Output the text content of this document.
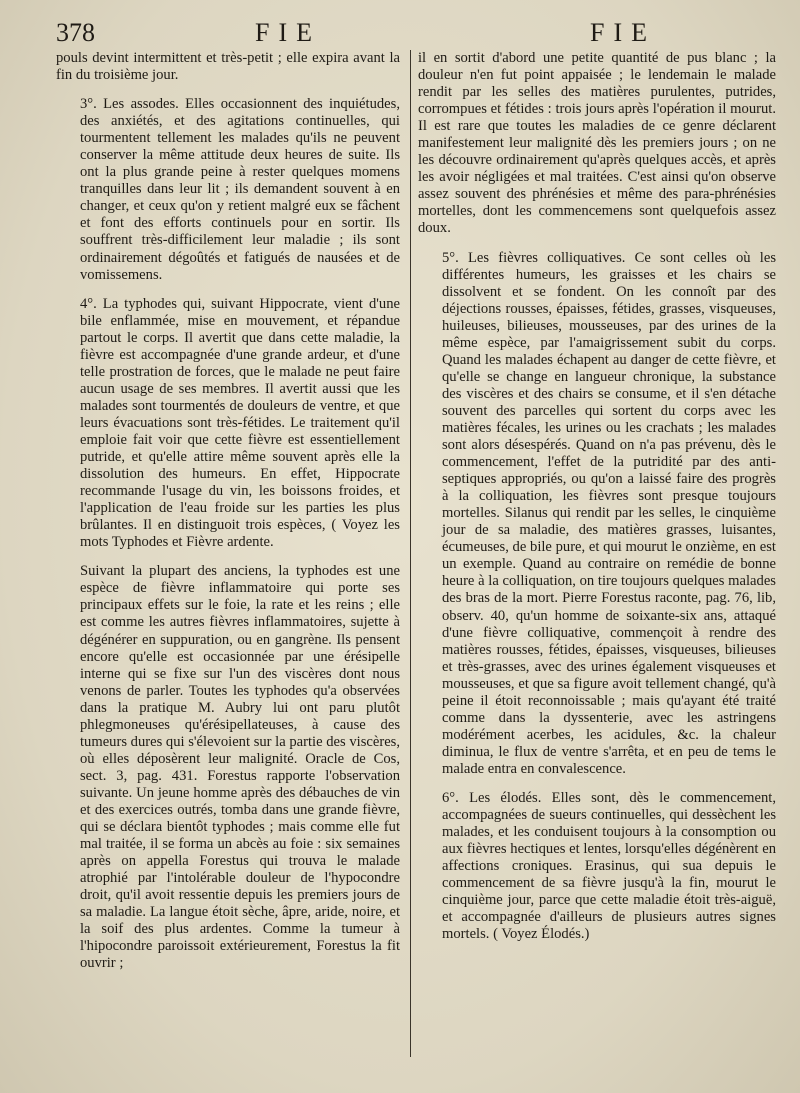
378	FIE	FIE

pouls devint intermittent et très-petit ; elle expira avant la fin du troisième jour.

3°. Les assodes. Elles occasionnent des inquiétudes, des anxiétés, et des agitations continuelles, qui tourmentent tellement les malades qu'ils ne peuvent conserver la même attitude deux heures de suite. Ils ont la plus grande peine à rester quelques momens tranquilles dans leur lit ; ils demandent souvent à en changer, et ceux qu'on y retient malgré eux se fâchent et font des efforts continuels pour en sortir. Ils souffrent très-difficilement leur maladie ; ils sont ordinairement dégoûtés et fatigués de nausées et de vomissemens.

4°. La typhodes qui, suivant Hippocrate, vient d'une bile enflammée, mise en mouvement, et répandue partout le corps. Il avertit que dans cette maladie, la fièvre est accompagnée d'une grande ardeur, et d'une telle prostration de forces, que le malade ne peut faire aucun usage de ses membres. Il avertit aussi que les malades sont tourmentés de douleurs de ventre, et que leurs évacuations sont très-fétides. Le traitement qu'il emploie fait voir que cette fièvre est essentiellement putride, et qu'elle attire même souvent après elle la dissolution des humeurs. En effet, Hippocrate recommande l'usage du vin, les boissons froides, et l'application de l'eau froide sur les parties les plus brûlantes. Il en distinguoit trois espèces, ( Voyez les mots Typhodes et Fièvre ardente.

Suivant la plupart des anciens, la typhodes est une espèce de fièvre inflammatoire qui porte ses principaux effets sur le foie, la rate et les reins ; elle est comme les autres fièvres inflammatoires, sujette à dégénérer en suppuration, ou en gangrène. Ils pensent encore qu'elle est occasionnée par une érésipelle interne qui se fixe sur l'un des viscères dont nous venons de parler. Toutes les typhodes qu'a observées dans la pratique M. Aubry lui ont paru plutôt phlegmoneuses qu'érésipellateuses, à cause des tumeurs dures qui s'élevoient sur la partie des viscères, où elles déposèrent leur malignité. Oracle de Cos, sect. 3, pag. 431. Forestus rapporte l'observation suivante. Un jeune homme après des débauches de vin et des exercices outrés, tomba dans une grande fièvre, qui se déclara bientôt typhodes ; mais comme elle fut mal traitée, il se forma un abcès au foie : six semaines après on appella Forestus qui trouva le malade atrophié par l'intolérable douleur de l'hypocondre droit, qu'il avoit ressentie depuis les premiers jours de sa maladie. La langue étoit sèche, âpre, aride, noire, et la soif des plus ardentes. Comme la tumeur à l'hipocondre paroissoit extérieurement, Forestus la fit ouvrir ;

il en sortit d'abord une petite quantité de pus blanc ; la douleur n'en fut point appaisée ; le lendemain le malade rendit par les selles des matières purulentes, putrides, corrompues et fétides : trois jours après l'opération il mourut. Il est rare que toutes les maladies de ce genre déclarent manifestement leur malignité dès les premiers jours ; on ne les découvre ordinairement qu'après quelques accès, et après les avoir négligées et mal traitées. C'est ainsi qu'on observe assez souvent des phrénésies et même des para-phrénésies mortelles, dont les commencemens sont quelquefois assez doux.

5°. Les fièvres colliquatives. Ce sont celles où les différentes humeurs, les graisses et les chairs se dissolvent et se fondent. On les connoît par des déjections rousses, épaisses, fétides, grasses, visqueuses, huileuses, bilieuses, mousseuses, par des urines de la même espèce, par l'amaigrissement subit du corps. Quand les malades échapent au danger de cette fièvre, et qu'elle se change en langueur chronique, la substance des viscères et des chairs se consume, et il s'en détache souvent des parcelles qui sortent du corps avec les matières fécales, les urines ou les crachats ; les malades sont alors désespérés. Quand on n'a pas prévenu, dès le commencement, l'effet de la putridité par des anti-septiques appropriés, ou qu'on a laissé faire des progrès à la colliquation, les fièvres sont presque toujours mortelles. Silanus qui rendit par les selles, le cinquième jour de sa maladie, des matières grasses, luisantes, écumeuses, de bile pure, et qui mourut le onzième, en est un exemple. Quand au contraire on remédie de bonne heure à la colliquation, on tire toujours quelques malades des bras de la mort. Pierre Forestus raconte, pag. 76, lib, observ. 40, qu'un homme de soixante-six ans, attaqué d'une fièvre colliquative, commençoit à rendre des matières rousses, fétides, épaisses, visqueuses, bilieuses et très-grasses, avec des urines également visqueuses et mousseuses, et que sa figure avoit tellement changé, qu'à peine il étoit reconnoissable ; mais qu'ayant été traité comme dans la dyssenterie, avec les astringens modérément acerbes, les acidules, &c. la chaleur diminua, le flux de ventre s'arrêta, et en peu de tems le malade entra en convalescence.

6°. Les élodés. Elles sont, dès le commencement, accompagnées de sueurs continuelles, qui dessèchent les malades, et les conduisent toujours à la consomption ou aux fièvres hectiques et lentes, lorsqu'elles dégénèrent en affections croniques. Erasinus, qui sua depuis le commencement de sa fièvre jusqu'à la fin, mourut le cinquième jour, parce que cette maladie étoit très-aiguë, et accompagnée d'ailleurs de plusieurs autres signes mortels. ( Voyez Élodés.)
